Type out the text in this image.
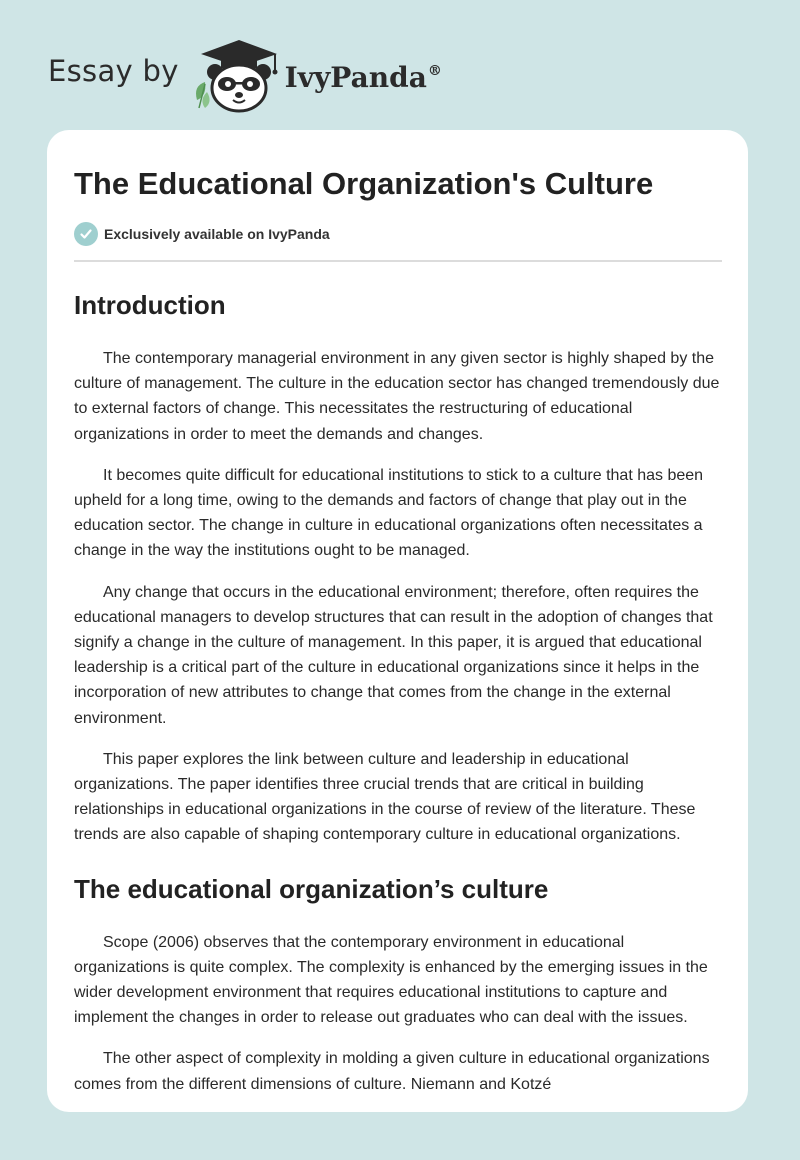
Essay by	IvyPanda®
The Educational Organization's Culture
Exclusively available on IvyPanda
Introduction

The contemporary managerial environment in any given sector is highly shaped by the culture of management. The culture in the education sector has changed tremendously due to external factors of change. This necessitates the restructuring of educational organizations in order to meet the demands and changes.

It becomes quite difficult for educational institutions to stick to a culture that has been upheld for a long time, owing to the demands and factors of change that play out in the education sector. The change in culture in educational organizations often necessitates a change in the way the institutions ought to be managed.

Any change that occurs in the educational environment; therefore, often requires the educational managers to develop structures that can result in the adoption of changes that signify a change in the culture of management. In this paper, it is argued that educational leadership is a critical part of the culture in educational organizations since it helps in the incorporation of new attributes to change that comes from the change in the external environment.

This paper explores the link between culture and leadership in educational organizations. The paper identifies three crucial trends that are critical in building relationships in educational organizations in the course of review of the literature. These trends are also capable of shaping contemporary culture in educational organizations.

The educational organization’s culture

Scope (2006) observes that the contemporary environment in educational organizations is quite complex. The complexity is enhanced by the emerging issues in the wider development environment that requires educational institutions to capture and implement the changes in order to release out graduates who can deal with the issues.

The other aspect of complexity in molding a given culture in educational organizations comes from the different dimensions of culture. Niemann and Kotzé
